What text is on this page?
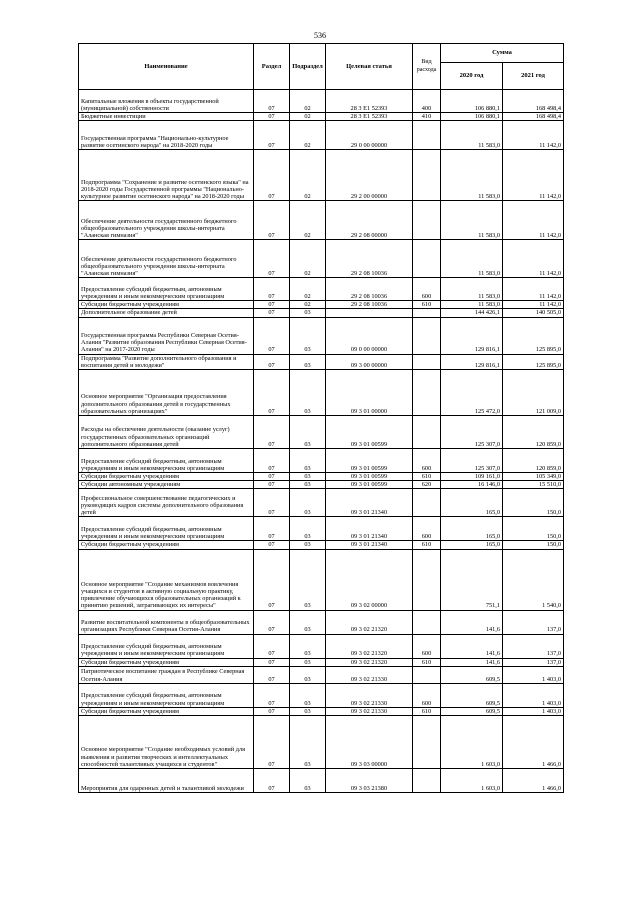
536
Наименование	Раздел	Подраздел	Целевая статья	Вид расхода	Сумма	
					2020 год	2021 год
Капитальные вложения в объекты государственной (муниципальной) собственности	07	02	28 3 Е1 52393	400	106 880,1	168 498,4
Бюджетные инвестиции	07	02	28 3 Е1 52393	410	106 880,1	168 498,4
Государственная программа "Национально-культурное развитие осетинского народа" на 2018-2020 годы	07	02	29 0 00 00000		11 583,0	11 142,0
Подпрограмма "Сохранение и развитие осетинского языка" на 2018-2020 годы Государственной программы "Национально-культурное развитие осетинского народа" на 2018-2020 годы	07	02	29 2 00 00000		11 583,0	11 142,0
Обеспечение деятельности государственного бюджетного общеобразовательного учреждения школы-интерната "Аланская гимназия"	07	02	29 2 08 00000		11 583,0	11 142,0
Обеспечение деятельности государственного бюджетного общеобразовательного учреждения школы-интерната "Аланская гимназия"	07	02	29 2 08 10036		11 583,0	11 142,0
Предоставление субсидий бюджетным, автономным учреждениям и иным некоммерческим организациям	07	02	29 2 08 10036	600	11 583,0	11 142,0
Субсидии бюджетным учреждениям	07	02	29 2 08 10036	610	11 583,0	11 142,0
Дополнительное образование детей	07	03			144 426,1	140 505,0
Государственная программа Республики Северная Осетия-Алания "Развитие образования Республики Северная Осетия-Алания" на 2017-2020 годы	07	03	09 0 00 00000		129 816,1	125 895,0
Подпрограмма "Развитие дополнительного образования и воспитания детей и молодежи"	07	03	09 3 00 00000		129 816,1	125 895,0
Основное мероприятие "Организация предоставления дополнительного образования детей в государственных образовательных организациях"	07	03	09 3 01 00000		125 472,0	121 009,0
Расходы на обеспечение деятельности (оказание услуг) государственных образовательных организаций дополнительного образования детей	07	03	09 3 01 00599		125 307,0	120 859,0
Предоставление субсидий бюджетным, автономным учреждениям и иным некоммерческим организациям	07	03	09 3 01 00599	600	125 307,0	120 859,0
Субсидии бюджетным учреждениям	07	03	09 3 01 00599	610	109 161,0	105 349,0
Субсидии автономным учреждениям	07	03	09 3 01 00599	620	16 146,0	15 510,0
Профессиональное совершенствование педагогических и руководящих кадров системы дополнительного образования детей	07	03	09 3 01 21340		165,0	150,0
Предоставление субсидий бюджетным, автономным учреждениям и иным некоммерческим организациям	07	03	09 3 01 21340	600	165,0	150,0
Субсидии бюджетным учреждениям	07	03	09 3 01 21340	610	165,0	150,0
Основное мероприятие "Создание механизмов вовлечения учащихся и студентов в активную социальную практику, привлечение обучающихся образовательных организаций к принятию решений, затрагивающих их интересы"	07	03	09 3 02 00000		751,1	1 540,0
Развитие воспитательной компоненты в общеобразовательных организациях Республики Северная Осетия-Алания	07	03	09 3 02 21320		141,6	137,0
Предоставление субсидий бюджетным, автономным учреждениям и иным некоммерческим организациям	07	03	09 3 02 21320	600	141,6	137,0
Субсидии бюджетным учреждениям	07	03	09 3 02 21320	610	141,6	137,0
Патриотическое воспитание граждан в Республике Северная Осетия-Алания	07	03	09 3 02 21330		609,5	1 403,0
Предоставление субсидий бюджетным, автономным учреждениям и иным некоммерческим организациям	07	03	09 3 02 21330	600	609,5	1 403,0
Субсидии бюджетным учреждениям	07	03	09 3 02 21330	610	609,5	1 403,0
Основное мероприятие "Создание необходимых условий для выявления и развития творческих и интеллектуальных способностей талантливых учащихся и студентов"	07	03	09 3 03 00000		1 603,0	1 466,0
Мероприятия для одаренных детей и талантливой молодежи	07	03	09 3 03 21380		1 603,0	1 466,0
